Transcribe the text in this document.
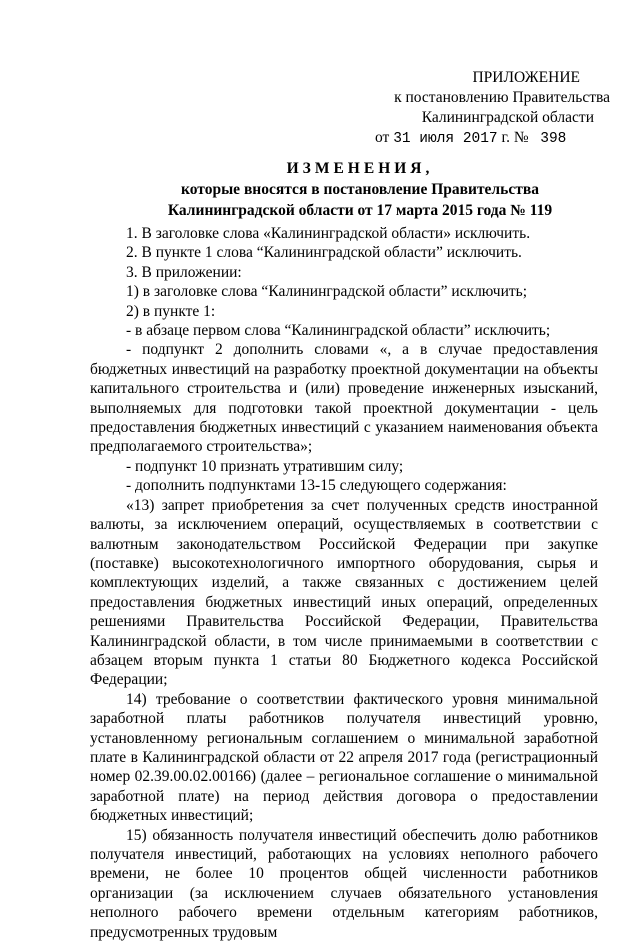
ПРИЛОЖЕНИЕ
к постановлению Правительства
Калининградской области
от 31 июля 2017 г. № 398
ИЗМЕНЕНИЯ,
которые вносятся в постановление Правительства
Калининградской области от 17 марта 2015 года № 119

1. В заголовке слова «Калининградской области» исключить.

2. В пункте 1 слова “Калининградской области” исключить.

3. В приложении:

1) в заголовке слова “Калининградской области” исключить;

2) в пункте 1:

- в абзаце первом слова “Калининградской области” исключить;

- подпункт 2 дополнить словами «, а в случае предоставления бюджетных инвестиций на разработку проектной документации на объекты капитального строительства и (или) проведение инженерных изысканий, выполняемых для подготовки такой проектной документации - цель предоставления бюджетных инвестиций с указанием наименования объекта предполагаемого строительства»;

- подпункт 10 признать утратившим силу;

- дополнить подпунктами 13-15 следующего содержания:

«13) запрет приобретения за счет полученных средств иностранной валюты, за исключением операций, осуществляемых в соответствии с валютным законодательством Российской Федерации при закупке (поставке) высокотехнологичного импортного оборудования, сырья и комплектующих изделий, а также связанных с достижением целей предоставления бюджетных инвестиций иных операций, определенных решениями Правительства Российской Федерации, Правительства Калининградской области, в том числе принимаемыми в соответствии с абзацем вторым пункта 1 статьи 80 Бюджетного кодекса Российской Федерации;

14) требование о соответствии фактического уровня минимальной заработной платы работников получателя инвестиций уровню, установленному региональным соглашением о минимальной заработной плате в Калининградской области от 22 апреля 2017 года (регистрационный номер 02.39.00.02.00166) (далее – региональное соглашение о минимальной заработной плате) на период действия договора о предоставлении бюджетных инвестиций;

15) обязанность получателя инвестиций обеспечить долю работников получателя инвестиций, работающих на условиях неполного рабочего времени, не более 10 процентов общей численности работников организации (за исключением случаев обязательного установления неполного рабочего времени отдельным категориям работников, предусмотренных трудовым
